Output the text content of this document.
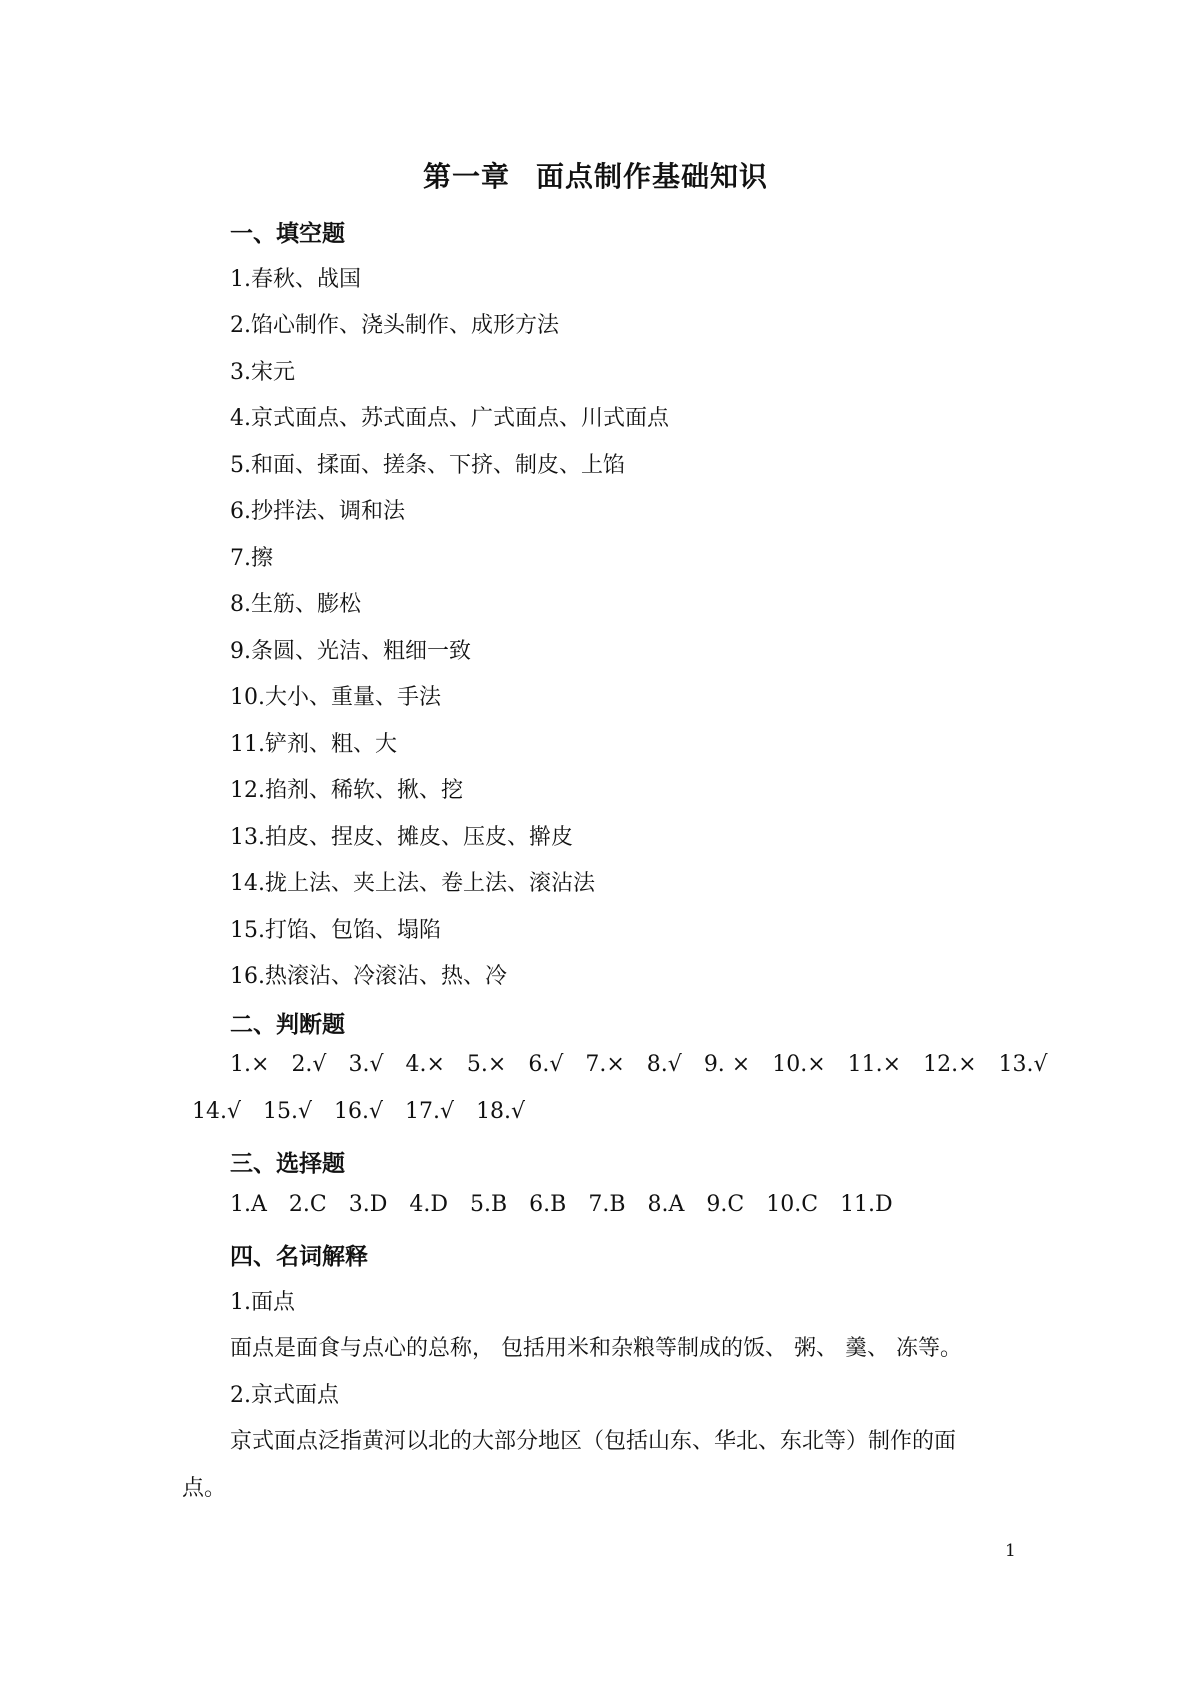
第一章 面点制作基础知识
一、填空题
1.春秋、战国
2.馅心制作、浇头制作、成形方法
3.宋元
4.京式面点、苏式面点、广式面点、川式面点
5.和面、揉面、搓条、下挤、制皮、上馅
6.抄拌法、调和法
7.擦
8.生筋、膨松
9.条圆、光洁、粗细一致
10.大小、重量、手法
11.铲剂、粗、大
12.掐剂、稀软、揪、挖
13.拍皮、捏皮、摊皮、压皮、擀皮
14.拢上法、夹上法、卷上法、滚沾法
15.打馅、包馅、塌陷
16.热滚沾、冷滚沾、热、冷
二、判断题
1.× 2.√ 3.√ 4.× 5.× 6.√ 7.× 8.√ 9. × 10.× 11.× 12.× 13.√
14.√ 15.√ 16.√ 17.√ 18.√
三、选择题
1.A 2.C 3.D 4.D 5.B 6.B 7.B 8.A 9.C 10.C 11.D
四、名词解释
1.面点
面点是面食与点心的总称， 包括用米和杂粮等制成的饭、 粥、 羹、 冻等。
2.京式面点
京式面点泛指黄河以北的大部分地区（包括山东、华北、东北等）制作的面
点。
1
